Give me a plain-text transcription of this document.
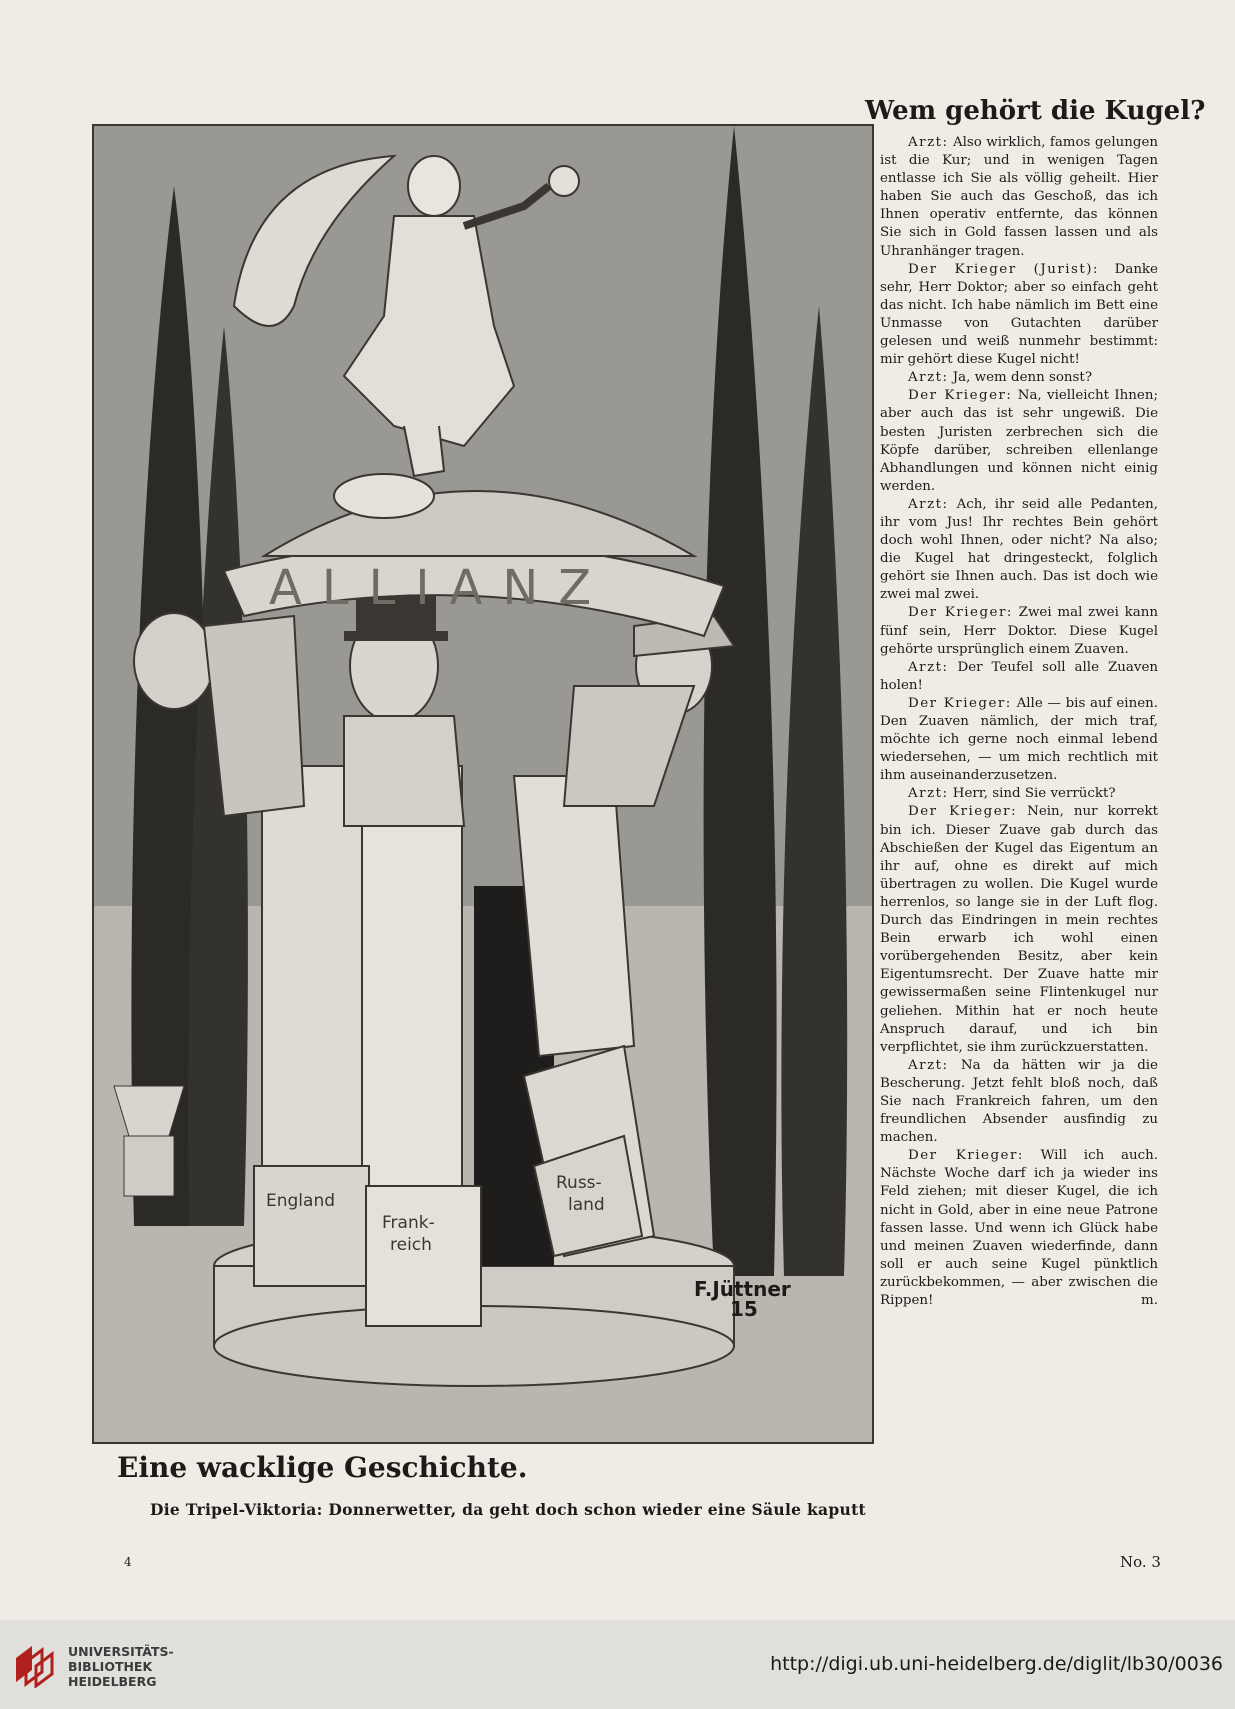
ALLIANZ
England
Frank-
reich
Russ-
land
F.Jüttner
15
Eine wacklige Geschichte.
Die Tripel-Viktoria: Donnerwetter, da geht doch schon wieder eine Säule kaputt
Wem gehört die Kugel?

Arzt: Also wirklich, famos gelungen ist die Kur; und in wenigen Tagen entlasse ich Sie als völlig geheilt. Hier haben Sie auch das Geschoß, das ich Ihnen operativ entfernte, das können Sie sich in Gold fassen lassen und als Uhranhänger tragen.

Der Krieger (Jurist): Danke sehr, Herr Doktor; aber so einfach geht das nicht. Ich habe nämlich im Bett eine Unmasse von Gutachten darüber gelesen und weiß nunmehr bestimmt: mir gehört diese Kugel nicht!

Arzt: Ja, wem denn sonst?

Der Krieger: Na, vielleicht Ihnen; aber auch das ist sehr ungewiß. Die besten Juristen zerbrechen sich die Köpfe darüber, schreiben ellenlange Abhandlungen und können nicht einig werden.

Arzt: Ach, ihr seid alle Pedanten, ihr vom Jus! Ihr rechtes Bein gehört doch wohl Ihnen, oder nicht? Na also; die Kugel hat dringesteckt, folglich gehört sie Ihnen auch. Das ist doch wie zwei mal zwei.

Der Krieger: Zwei mal zwei kann fünf sein, Herr Doktor. Diese Kugel gehörte ursprünglich einem Zuaven.

Arzt: Der Teufel soll alle Zuaven holen!

Der Krieger: Alle — bis auf einen. Den Zuaven nämlich, der mich traf, möchte ich gerne noch einmal lebend wiedersehen, — um mich rechtlich mit ihm auseinanderzusetzen.

Arzt: Herr, sind Sie verrückt?

Der Krieger: Nein, nur korrekt bin ich. Dieser Zuave gab durch das Abschießen der Kugel das Eigentum an ihr auf, ohne es direkt auf mich übertragen zu wollen. Die Kugel wurde herrenlos, so lange sie in der Luft flog. Durch das Eindringen in mein rechtes Bein erwarb ich wohl einen vorübergehenden Besitz, aber kein Eigentumsrecht. Der Zuave hatte mir gewissermaßen seine Flintenkugel nur geliehen. Mithin hat er noch heute Anspruch darauf, und ich bin verpflichtet, sie ihm zurückzuerstatten.

Arzt: Na da hätten wir ja die Bescherung. Jetzt fehlt bloß noch, daß Sie nach Frankreich fahren, um den freundlichen Absender ausfindig zu machen.

Der Krieger: Will ich auch. Nächste Woche darf ich ja wieder ins Feld ziehen; mit dieser Kugel, die ich nicht in Gold, aber in eine neue Patrone fassen lasse. Und wenn ich Glück habe und meinen Zuaven wiederfinde, dann soll er auch seine Kugel pünktlich zurückbekommen, — aber zwischen die Rippen!	m.

4	No. 3
UNIVERSITÄTS-
BIBLIOTHEK
HEIDELBERG
http://digi.ub.uni-heidelberg.de/diglit/lb30/0036
